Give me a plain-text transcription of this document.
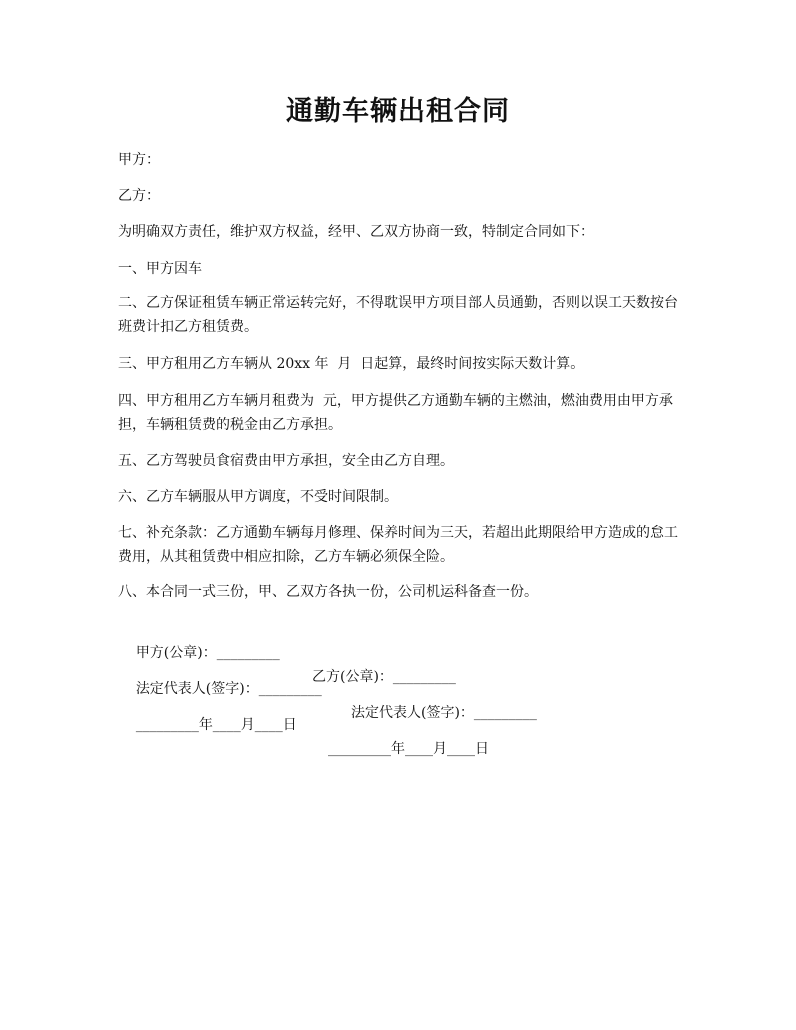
通勤车辆出租合同

甲方：

乙方：

为明确双方责任，维护双方权益，经甲、乙双方协商一致，特制定合同如下：

一、甲方因车

二、乙方保证租赁车辆正常运转完好，不得耽误甲方项目部人员通勤，否则以误工天数按台班费计扣乙方租赁费。

三、甲方租用乙方车辆从 20xx 年  月  日起算，最终时间按实际天数计算。

四、甲方租用乙方车辆月租费为  元，甲方提供乙方通勤车辆的主燃油，燃油费用由甲方承担，车辆租赁费的税金由乙方承担。

五、乙方驾驶员食宿费由甲方承担，安全由乙方自理。

六、乙方车辆服从甲方调度，不受时间限制。

七、补充条款：乙方通勤车辆每月修理、保养时间为三天，若超出此期限给甲方造成的怠工费用，从其租赁费中相应扣除，乙方车辆必须保全险。

八、本合同一式三份，甲、乙双方各执一份，公司机运科备查一份。

甲方(公章)：_________

乙方(公章)：_________

法定代表人(签字)：_________

法定代表人(签字)：_________

_________年____月____日

_________年____月____日
